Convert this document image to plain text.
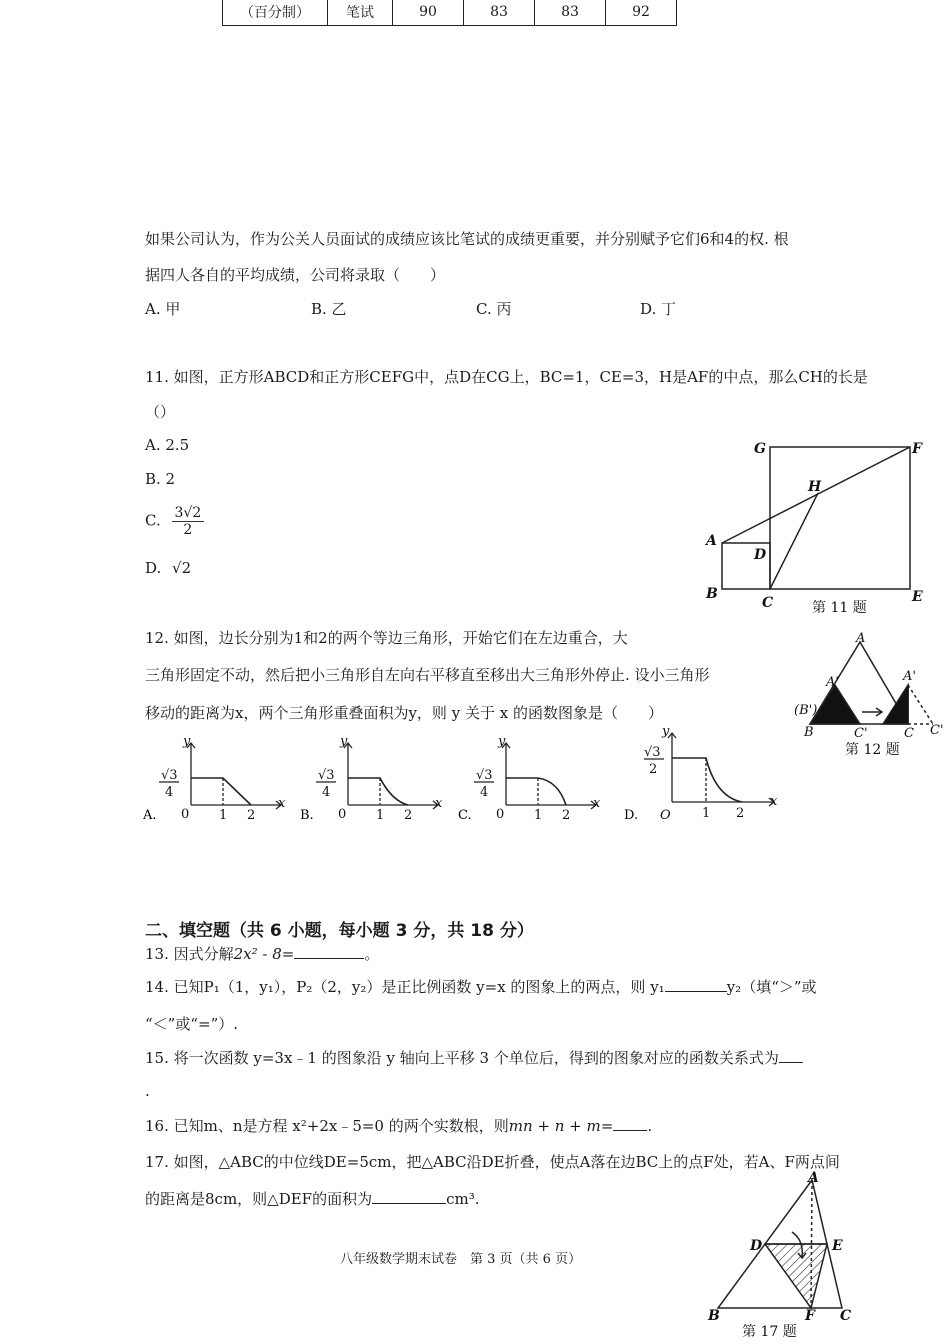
（百分制）	笔试	90	83	83	92
如果公司认为，作为公关人员面试的成绩应该比笔试的成绩更重要，并分别赋予它们6和4的权. 根
据四人各自的平均成绩，公司将录取（　　）
A. 甲	B. 乙	C. 丙	D. 丁
11. 如图，正方形ABCD和正方形CEFG中，点D在CG上，BC=1，CE=3，H是AF的中点，那么CH的长是
（）
A. 2.5
B. 2
C. $\frac{3√2}{2}$
D. √2
G	F
H
A
D
B
C	E
第 11 题
12. 如图，边长分别为1和2的两个等边三角形，开始它们在左边重合，大
三角形固定不动，然后把小三角形自左向右平移直至移出大三角形外停止. 设小三角形
移动的距离为x，两个三角形重叠面积为y，则 y 关于 x 的函数图象是（　　）
A
A'	A'
(B')
B	C'	C C'
第 12 题
A.
y
√3
4
0 1 2
x
B.
y
√3
4
0 1 2
x
C.
y
√3
4
0 1 2
x
D.
y
√3
2
O 1 2
x
二、填空题（共 6 小题，每小题 3 分，共 18 分）
13. 因式分解2x² - 8=	。
14. 已知P₁（1，y₁），P₂（2，y₂）是正比例函数 y=x 的图象上的两点，则 y₁	y₂（填“＞”或
“＜”或“=”）.
15. 将一次函数 y=3x﹣1 的图象沿 y 轴向上平移 3 个单位后，得到的图象对应的函数关系式为
.
16. 已知m、n是方程 x²+2x﹣5=0 的两个实数根，则mn + n + m= .
17. 如图，△ABC的中位线DE=5cm，把△ABC沿DE折叠，使点A落在边BC上的点F处，若A、F两点间
的距离是8cm，则△DEF的面积为	cm³.
A
D	E
B	F C
第 17 题
八年级数学期末试卷　第 3 页（共 6 页）
